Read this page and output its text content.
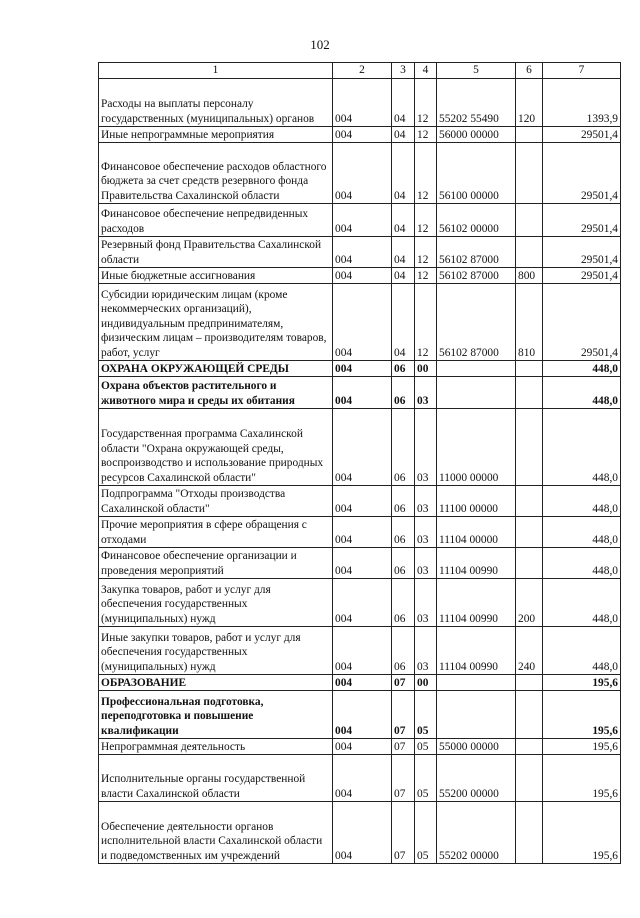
102
1	2	3	4	5	6	7
Расходы на выплаты персоналу государственных (муниципальных) органов	004	04	12	55202 55490	120	1393,9
Иные непрограммные мероприятия	004	04	12	56000 00000		29501,4
Финансовое обеспечение расходов областного бюджета за счет средств резервного фонда Правительства Сахалинской области	004	04	12	56100 00000		29501,4
Финансовое обеспечение непредвиденных расходов	004	04	12	56102 00000		29501,4
Резервный фонд Правительства Сахалинской области	004	04	12	56102 87000		29501,4
Иные бюджетные ассигнования	004	04	12	56102 87000	800	29501,4
Субсидии юридическим лицам (кроме некоммерческих организаций), индивидуальным предпринимателям, физическим лицам – производителям товаров, работ, услуг	004	04	12	56102 87000	810	29501,4
ОХРАНА ОКРУЖАЮЩЕЙ СРЕДЫ	004	06	00			448,0
Охрана объектов растительного и животного мира и среды их обитания	004	06	03			448,0
Государственная программа Сахалинской области "Охрана окружающей среды, воспроизводство и использование природных ресурсов Сахалинской области"	004	06	03	11000 00000		448,0
Подпрограмма "Отходы производства Сахалинской области"	004	06	03	11100 00000		448,0
Прочие мероприятия в сфере обращения с отходами	004	06	03	11104 00000		448,0
Финансовое обеспечение организации и проведения мероприятий	004	06	03	11104 00990		448,0
Закупка товаров, работ и услуг для обеспечения государственных (муниципальных) нужд	004	06	03	11104 00990	200	448,0
Иные закупки товаров, работ и услуг для обеспечения государственных (муниципальных) нужд	004	06	03	11104 00990	240	448,0
ОБРАЗОВАНИЕ	004	07	00			195,6
Профессиональная подготовка, переподготовка и повышение квалификации	004	07	05			195,6
Непрограммная деятельность	004	07	05	55000 00000		195,6
Исполнительные органы государственной власти Сахалинской области	004	07	05	55200 00000		195,6
Обеспечение деятельности органов исполнительной власти Сахалинской области и подведомственных им учреждений	004	07	05	55202 00000		195,6
